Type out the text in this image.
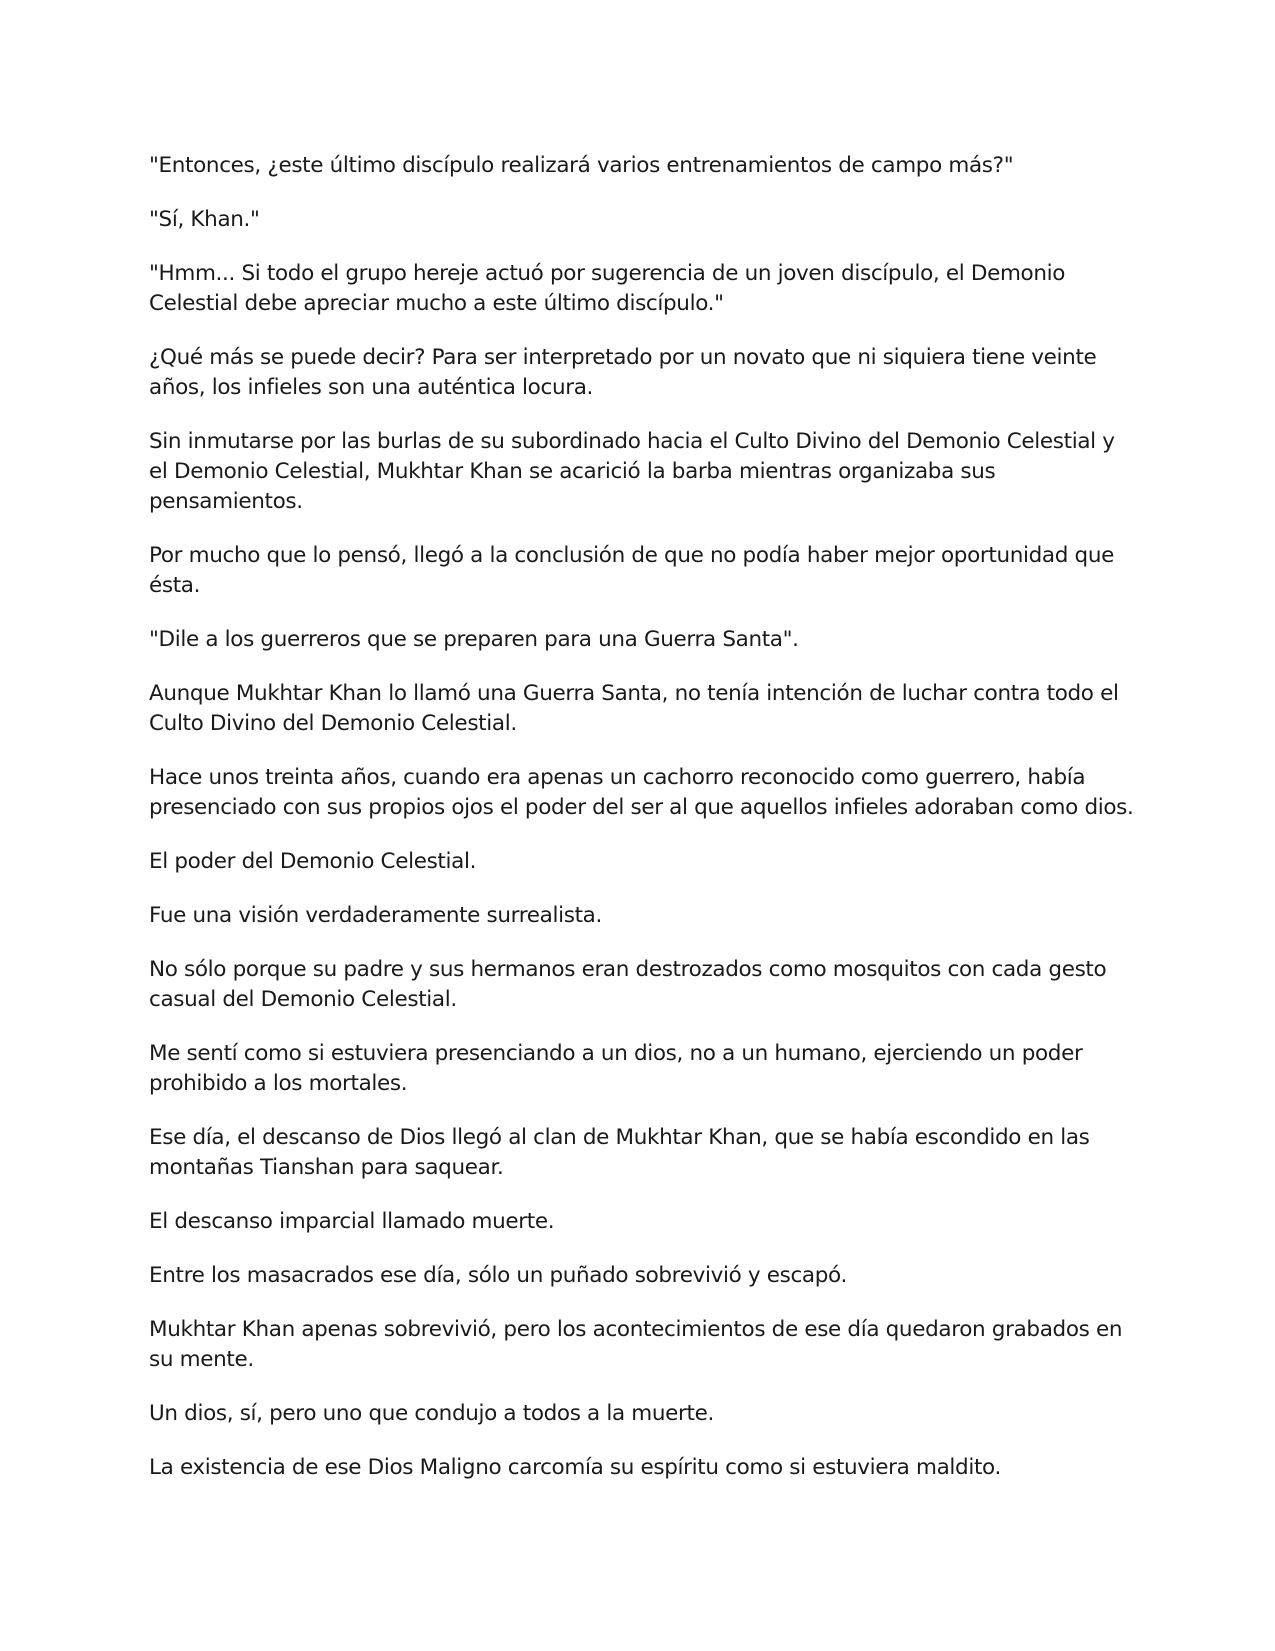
"Entonces, ¿este último discípulo realizará varios entrenamientos de campo más?"

"Sí, Khan."

"Hmm... Si todo el grupo hereje actuó por sugerencia de un joven discípulo, el Demonio Celestial debe apreciar mucho a este último discípulo."

¿Qué más se puede decir? Para ser interpretado por un novato que ni siquiera tiene veinte años, los infieles son una auténtica locura.

Sin inmutarse por las burlas de su subordinado hacia el Culto Divino del Demonio Celestial y el Demonio Celestial, Mukhtar Khan se acarició la barba mientras organizaba sus pensamientos.

Por mucho que lo pensó, llegó a la conclusión de que no podía haber mejor oportunidad que ésta.

"Dile a los guerreros que se preparen para una Guerra Santa".

Aunque Mukhtar Khan lo llamó una Guerra Santa, no tenía intención de luchar contra todo el Culto Divino del Demonio Celestial.

Hace unos treinta años, cuando era apenas un cachorro reconocido como guerrero, había presenciado con sus propios ojos el poder del ser al que aquellos infieles adoraban como dios.

El poder del Demonio Celestial.

Fue una visión verdaderamente surrealista.

No sólo porque su padre y sus hermanos eran destrozados como mosquitos con cada gesto casual del Demonio Celestial.

Me sentí como si estuviera presenciando a un dios, no a un humano, ejerciendo un poder prohibido a los mortales.

Ese día, el descanso de Dios llegó al clan de Mukhtar Khan, que se había escondido en las montañas Tianshan para saquear.

El descanso imparcial llamado muerte.

Entre los masacrados ese día, sólo un puñado sobrevivió y escapó.

Mukhtar Khan apenas sobrevivió, pero los acontecimientos de ese día quedaron grabados en su mente.

Un dios, sí, pero uno que condujo a todos a la muerte.

La existencia de ese Dios Maligno carcomía su espíritu como si estuviera maldito.
